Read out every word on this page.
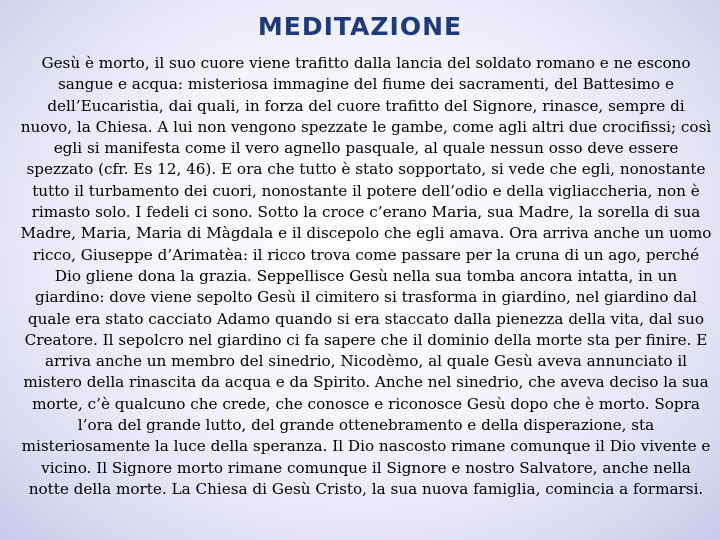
MEDITAZIONE

Gesù è morto, il suo cuore viene trafitto dalla lancia del soldato romano e ne escono sangue e acqua: misteriosa immagine del fiume dei sacramenti, del Battesimo e dell’Eucaristia, dai quali, in forza del cuore trafitto del Signore, rinasce, sempre di nuovo, la Chiesa. A lui non vengono spezzate le gambe, come agli altri due crocifissi; così egli si manifesta come il vero agnello pasquale, al quale nessun osso deve essere spezzato (cfr. Es 12, 46). E ora che tutto è stato sopportato, si vede che egli, nonostante tutto il turbamento dei cuori, nonostante il potere dell’odio e della vigliaccheria, non è rimasto solo. I fedeli ci sono. Sotto la croce c’erano Maria, sua Madre, la sorella di sua Madre, Maria, Maria di Màgdala e il discepolo che egli amava. Ora arriva anche un uomo ricco, Giuseppe d’Arimatèa: il ricco trova come passare per la cruna di un ago, perché Dio gliene dona la grazia. Seppellisce Gesù nella sua tomba ancora intatta, in un giardino: dove viene sepolto Gesù il cimitero si trasforma in giardino, nel giardino dal quale era stato cacciato Adamo quando si era staccato dalla pienezza della vita, dal suo Creatore. Il sepolcro nel giardino ci fa sapere che il dominio della morte sta per finire. E arriva anche un membro del sinedrio, Nicodèmo, al quale Gesù aveva annunciato il mistero della rinascita da acqua e da Spirito. Anche nel sinedrio, che aveva deciso la sua morte, c’è qualcuno che crede, che conosce e riconosce Gesù dopo che è morto. Sopra l’ora del grande lutto, del grande ottenebramento e della disperazione, sta misteriosamente la luce della speranza. Il Dio nascosto rimane comunque il Dio vivente e vicino. Il Signore morto rimane comunque il Signore e nostro Salvatore, anche nella notte della morte. La Chiesa di Gesù Cristo, la sua nuova famiglia, comincia a formarsi.
